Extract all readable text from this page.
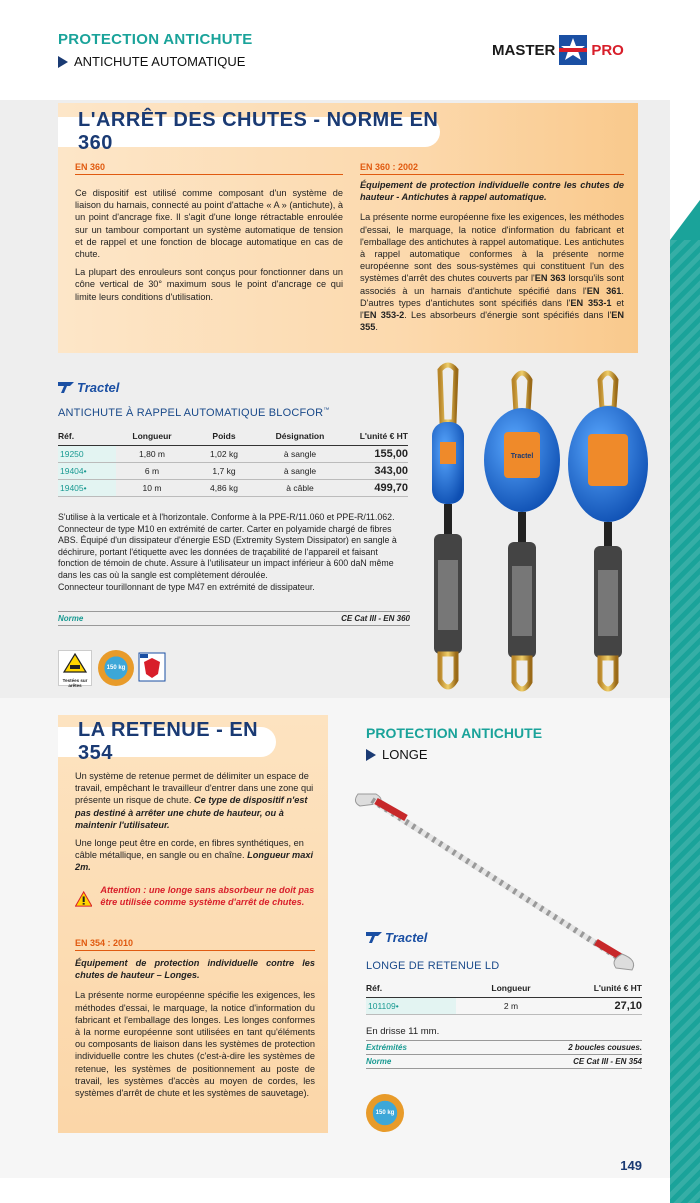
PROTECTION ANTICHUTE
ANTICHUTE AUTOMATIQUE
MASTER PRO
L'ARRÊT DES CHUTES - NORME EN 360
EN 360

Ce dispositif est utilisé comme composant d'un système de liaison du harnais, connecté au point d'attache « A » (antichute), à un point d'ancrage fixe. Il s'agit d'une longe rétractable enroulée sur un tambour comportant un système automatique de tension et de rappel et une fonction de blocage automatique en cas de chute.

La plupart des enrouleurs sont conçus pour fonctionner dans un cône vertical de 30° maximum sous le point d'ancrage ce qui limite leurs conditions d'utilisation.

EN 360 : 2002
Équipement de protection individuelle contre les chutes de hauteur - Antichutes à rappel automatique.

La présente norme européenne fixe les exigences, les méthodes d'essai, le marquage, la notice d'information du fabricant et l'emballage des antichutes à rappel automatique. Les antichutes à rappel automatique conformes à la présente norme européenne sont des sous-systèmes qui constituent l'un des systèmes d'arrêt des chutes couverts par l'EN 363 lorsqu'ils sont associés à un harnais d'antichute spécifié dans l'EN 361. D'autres types d'antichutes sont spécifiés dans l'EN 353-1 et l'EN 353-2. Les absorbeurs d'énergie sont spécifiés dans l'EN 355.

Tractel
ANTICHUTE À RAPPEL AUTOMATIQUE BLOCFOR™
Réf.	Longueur	Poids	Désignation	L'unité € HT
19250	1,80 m	1,02 kg	à sangle	155,00
19404•	6 m	1,7 kg	à sangle	343,00
19405•	10 m	4,86 kg	à câble	499,70
S'utilise à la verticale et à l'horizontale. Conforme à la PPE-R/11.060 et PPE-R/11.062. Connecteur de type M10 en extrémité de carter. Carter en polyamide chargé de fibres ABS. Équipé d'un dissipateur d'énergie ESD (Extremity System Dissipator) en sangle à déchirure, portant l'étiquette avec les données de traçabilité de l'appareil et faisant fonction de témoin de chute. Assure à l'utilisateur un impact inférieur à 600 daN même dans les cas où la sangle est complètement déroulée.
Connecteur tourillonnant de type M47 en extrémité de dissipateur.
Norme	CE Cat III - EN 360
Testées sur arêtes
150 kg
Tractel
LA RETENUE - EN 354

Un système de retenue permet de délimiter un espace de travail, empêchant le travailleur d'entrer dans une zone qui présente un risque de chute. Ce type de dispositif n'est pas destiné à arrêter une chute de hauteur, ou à maintenir l'utilisateur.

Une longe peut être en corde, en fibres synthétiques, en câble métallique, en sangle ou en chaîne. Longueur maxi 2m.

Attention : une longe sans absorbeur ne doit pas être utilisée comme système d'arrêt de chutes.
EN 354 : 2010
Équipement de protection individuelle contre les chutes de hauteur – Longes.
La présente norme européenne spécifie les exigences, les méthodes d'essai, le marquage, la notice d'information du fabricant et l'emballage des longes. Les longes conformes à la norme européenne sont utilisées en tant qu'éléments ou composants de liaison dans les systèmes de protection individuelle contre les chutes (c'est-à-dire les systèmes de retenue, les systèmes de positionnement au poste de travail, les systèmes d'accès au moyen de cordes, les systèmes d'arrêt de chute et les systèmes de sauvetage).
PROTECTION ANTICHUTE
LONGE
Tractel
LONGE DE RETENUE LD
Réf.	Longueur	L'unité € HT
101109•	2 m	27,10
En drisse 11 mm.
Extrémités	2 boucles cousues.
Norme	CE Cat III - EN 354
150 kg
149
